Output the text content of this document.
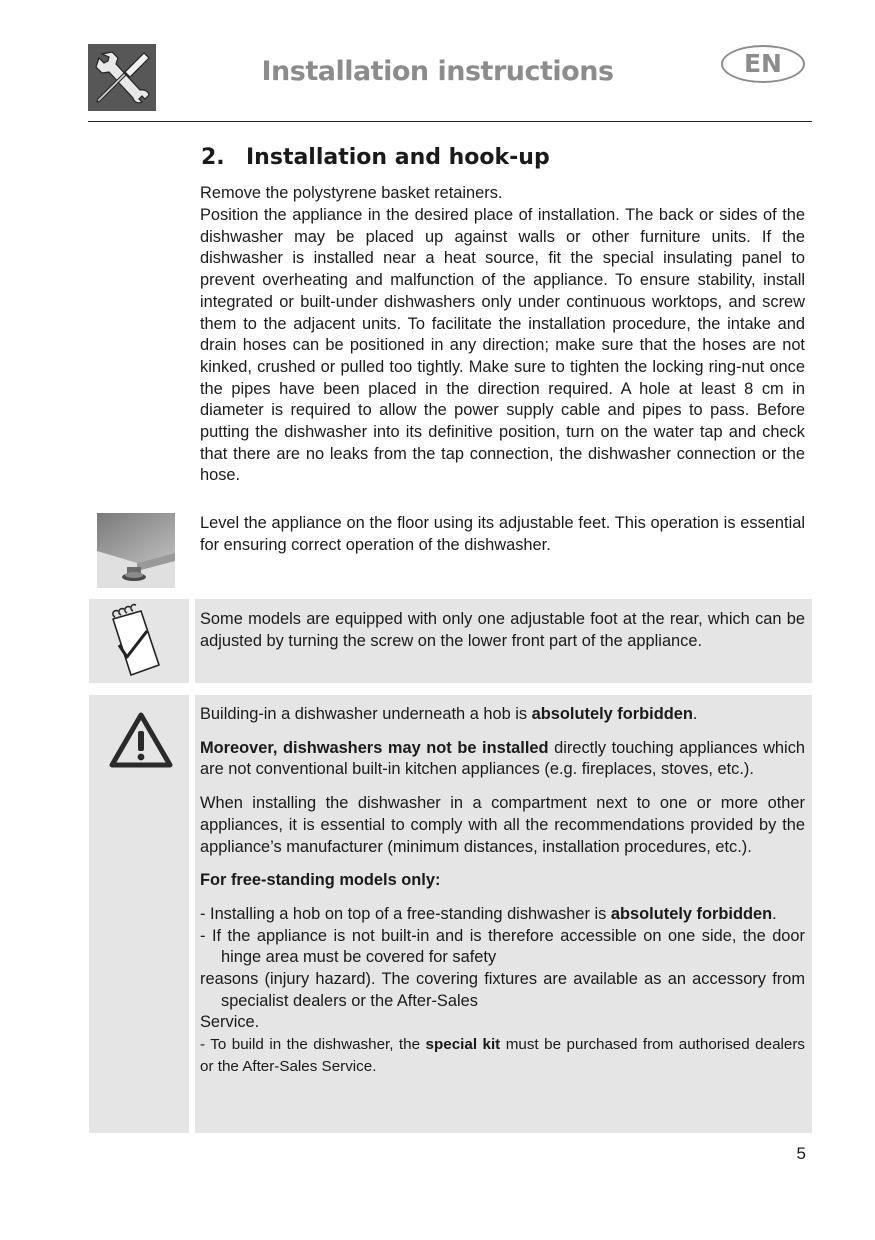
Installation instructions	EN
2. Installation and hook-up

Remove the polystyrene basket retainers.

Position the appliance in the desired place of installation. The back or sides of the dishwasher may be placed up against walls or other furniture units. If the dishwasher is installed near a heat source, fit the special insulating panel to prevent overheating and malfunction of the appliance. To ensure stability, install integrated or built-under dishwashers only under continuous worktops, and screw them to the adjacent units. To facilitate the installation procedure, the intake and drain hoses can be positioned in any direction; make sure that the hoses are not kinked, crushed or pulled too tightly. Make sure to tighten the locking ring-nut once the pipes have been placed in the direction required. A hole at least 8 cm in diameter is required to allow the power supply cable and pipes to pass. Before putting the dishwasher into its definitive position, turn on the water tap and check that there are no leaks from the tap connection, the dishwasher connection or the hose.

Level the appliance on the floor using its adjustable feet. This operation is essential for ensuring correct operation of the dishwasher.

Some models are equipped with only one adjustable foot at the rear, which can be adjusted by turning the screw on the lower front part of the appliance.

Building-in a dishwasher underneath a hob is absolutely forbidden.

Moreover, dishwashers may not be installed directly touching appliances which are not conventional built-in kitchen appliances (e.g. fireplaces, stoves, etc.).

When installing the dishwasher in a compartment next to one or more other appliances, it is essential to comply with all the recommendations provided by the appliance’s manufacturer (minimum distances, installation procedures, etc.).

For free-standing models only:

- Installing a hob on top of a free-standing dishwasher is absolutely forbidden.

- If the appliance is not built-in and is therefore accessible on one side, the door hinge area must be covered for safety

reasons (injury hazard). The covering fixtures are available as an accessory from specialist dealers or the After-Sales

Service.

- To build in the dishwasher, the special kit must be purchased from authorised dealers or the After-Sales Service.

5
